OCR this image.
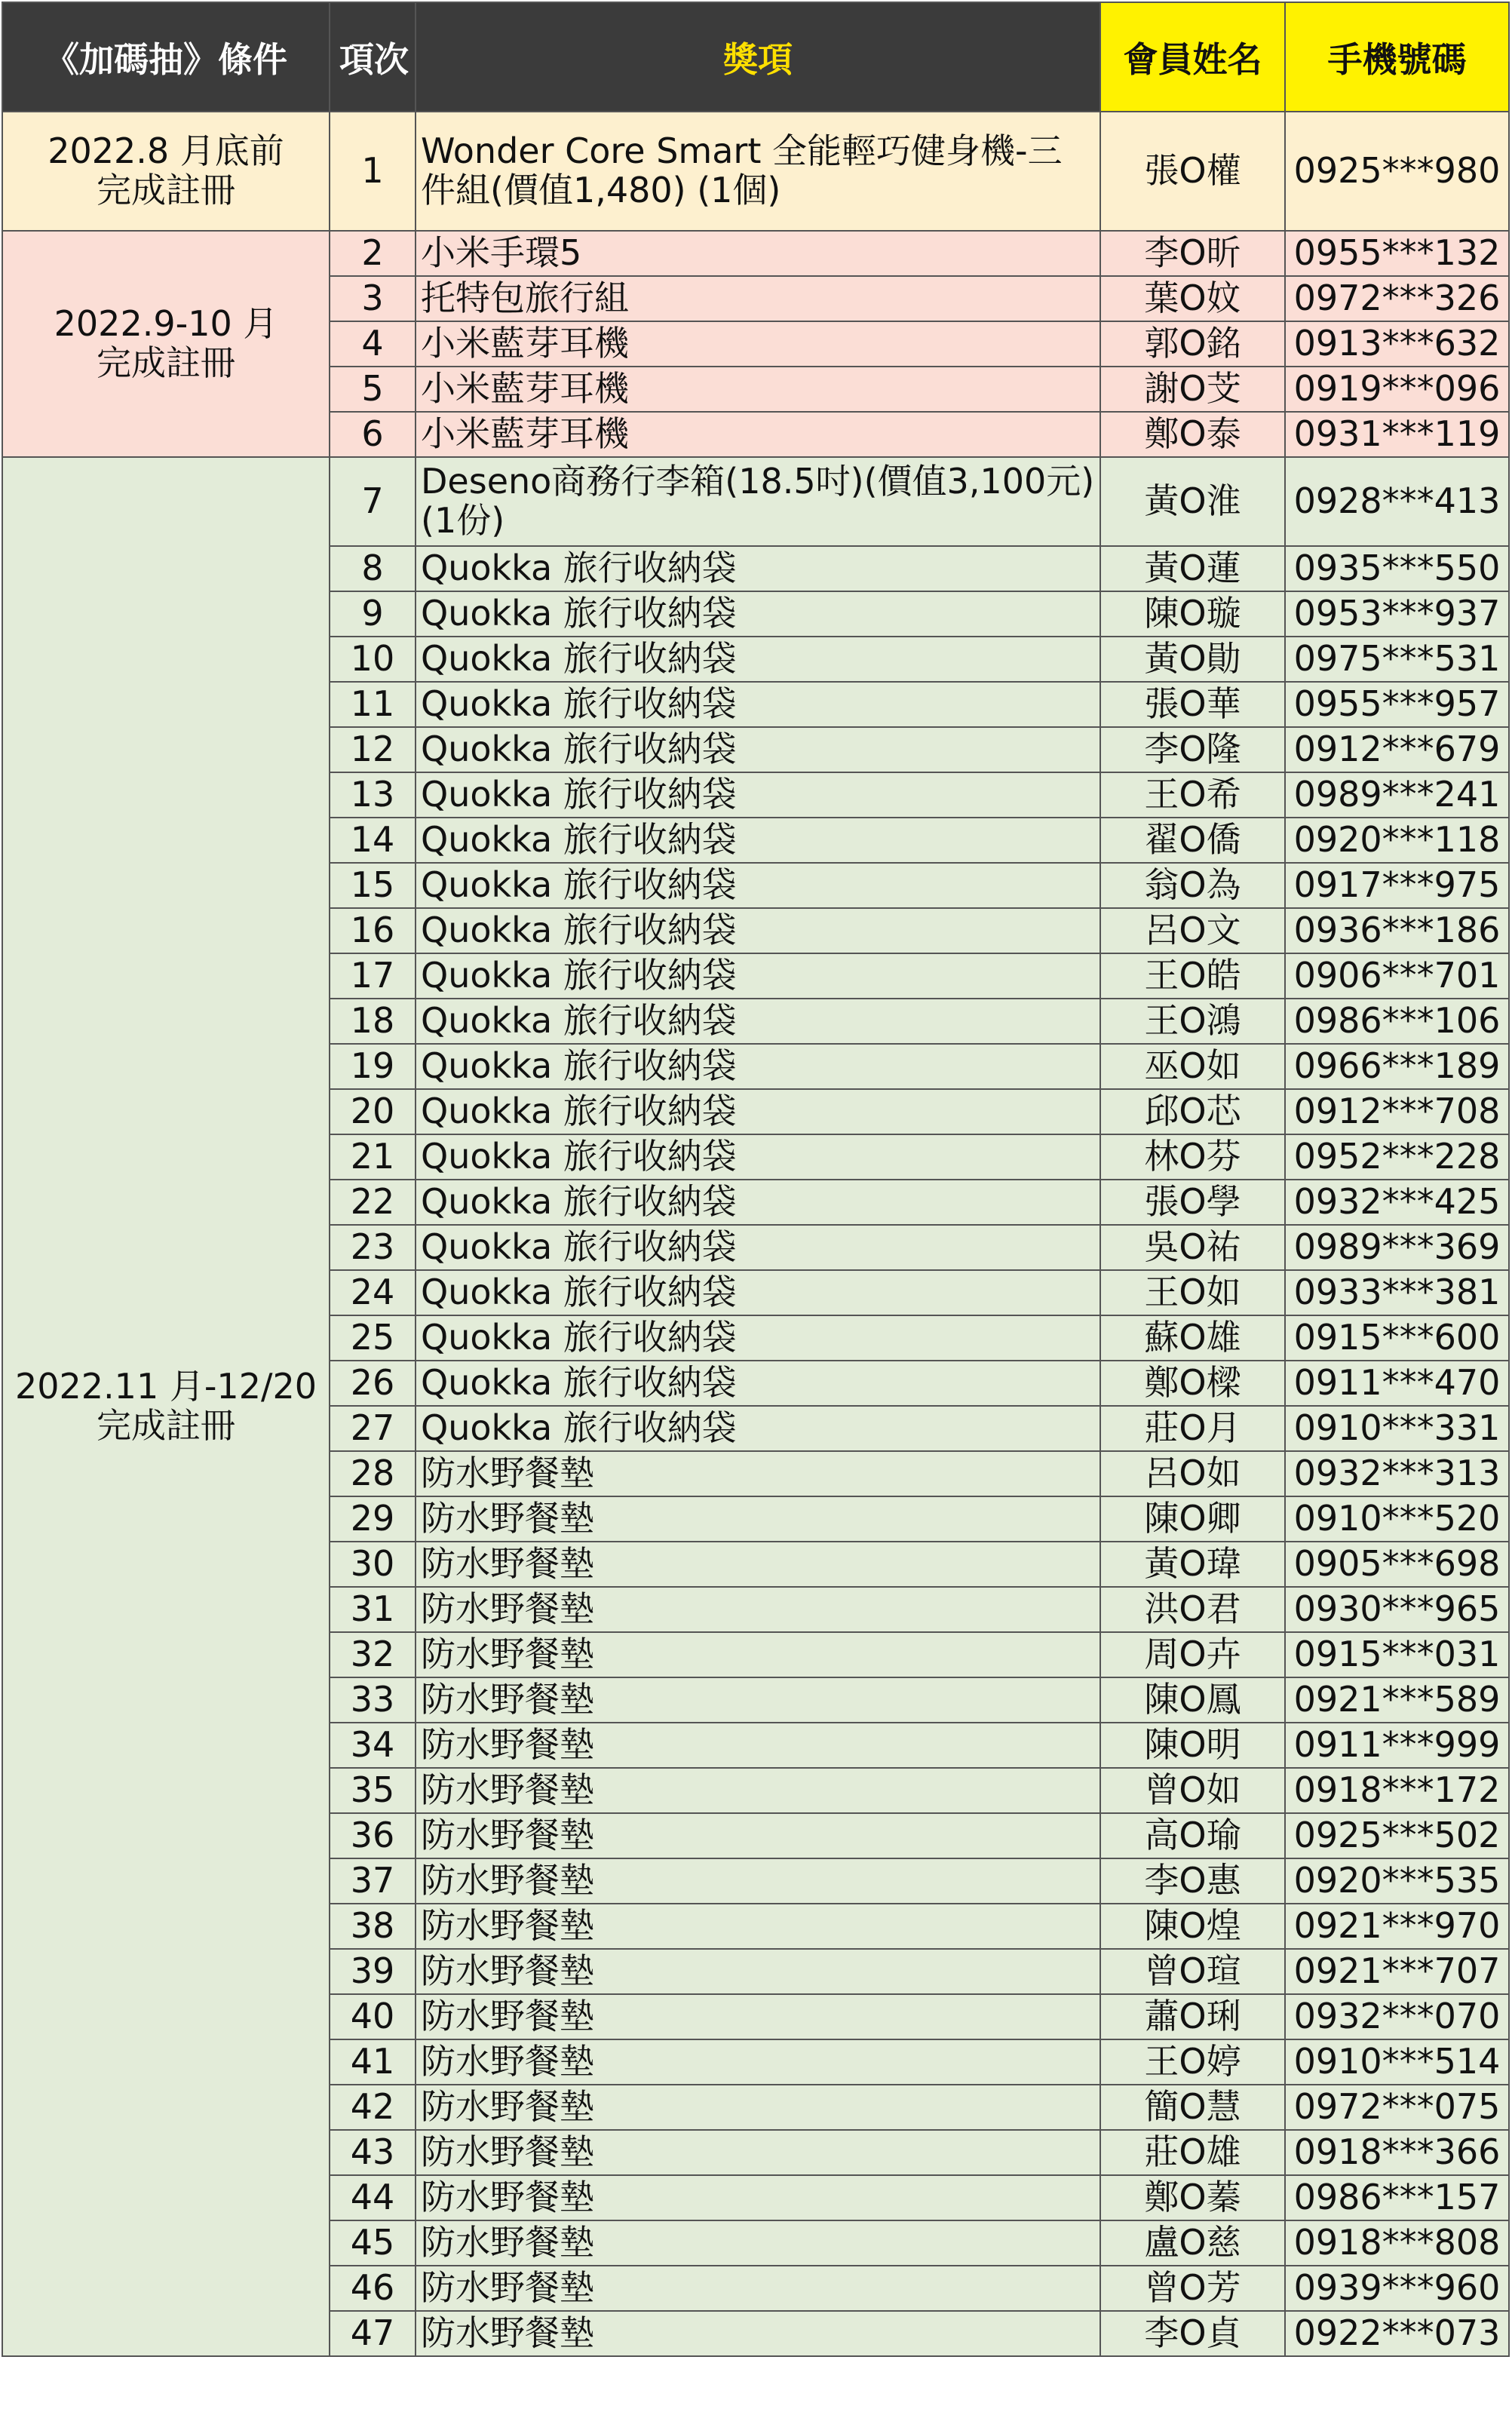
《加碼抽》條件	項次	獎項	會員姓名	手機號碼
2022.8 月底前
完成註冊	1	Wonder Core Smart 全能輕巧健身機-三件組(價值1,480) (1個)	張O權	0925***980
2022.9-10 月
完成註冊	2	小米手環5	李O昕	0955***132
	3	托特包旅行組	葉O妏	0972***326
	4	小米藍芽耳機	郭O銘	0913***632
	5	小米藍芽耳機	謝O芠	0919***096
	6	小米藍芽耳機	鄭O泰	0931***119
2022.11 月-12/20
完成註冊	7	Deseno商務行李箱(18.5吋)(價值3,100元)(1份)	黃O淮	0928***413
	8	Quokka 旅行收納袋	黃O蓮	0935***550
	9	Quokka 旅行收納袋	陳O璇	0953***937
	10	Quokka 旅行收納袋	黃O勛	0975***531
	11	Quokka 旅行收納袋	張O華	0955***957
	12	Quokka 旅行收納袋	李O隆	0912***679
	13	Quokka 旅行收納袋	王O希	0989***241
	14	Quokka 旅行收納袋	翟O僑	0920***118
	15	Quokka 旅行收納袋	翁O為	0917***975
	16	Quokka 旅行收納袋	呂O文	0936***186
	17	Quokka 旅行收納袋	王O皓	0906***701
	18	Quokka 旅行收納袋	王O鴻	0986***106
	19	Quokka 旅行收納袋	巫O如	0966***189
	20	Quokka 旅行收納袋	邱O芯	0912***708
	21	Quokka 旅行收納袋	林O芬	0952***228
	22	Quokka 旅行收納袋	張O學	0932***425
	23	Quokka 旅行收納袋	吳O祐	0989***369
	24	Quokka 旅行收納袋	王O如	0933***381
	25	Quokka 旅行收納袋	蘇O雄	0915***600
	26	Quokka 旅行收納袋	鄭O樑	0911***470
	27	Quokka 旅行收納袋	莊O月	0910***331
	28	防水野餐墊	呂O如	0932***313
	29	防水野餐墊	陳O卿	0910***520
	30	防水野餐墊	黃O瑋	0905***698
	31	防水野餐墊	洪O君	0930***965
	32	防水野餐墊	周O卉	0915***031
	33	防水野餐墊	陳O鳳	0921***589
	34	防水野餐墊	陳O明	0911***999
	35	防水野餐墊	曾O如	0918***172
	36	防水野餐墊	高O瑜	0925***502
	37	防水野餐墊	李O惠	0920***535
	38	防水野餐墊	陳O煌	0921***970
	39	防水野餐墊	曾O瑄	0921***707
	40	防水野餐墊	蕭O琍	0932***070
	41	防水野餐墊	王O婷	0910***514
	42	防水野餐墊	簡O慧	0972***075
	43	防水野餐墊	莊O雄	0918***366
	44	防水野餐墊	鄭O蓁	0986***157
	45	防水野餐墊	盧O慈	0918***808
	46	防水野餐墊	曾O芳	0939***960
	47	防水野餐墊	李O貞	0922***073
